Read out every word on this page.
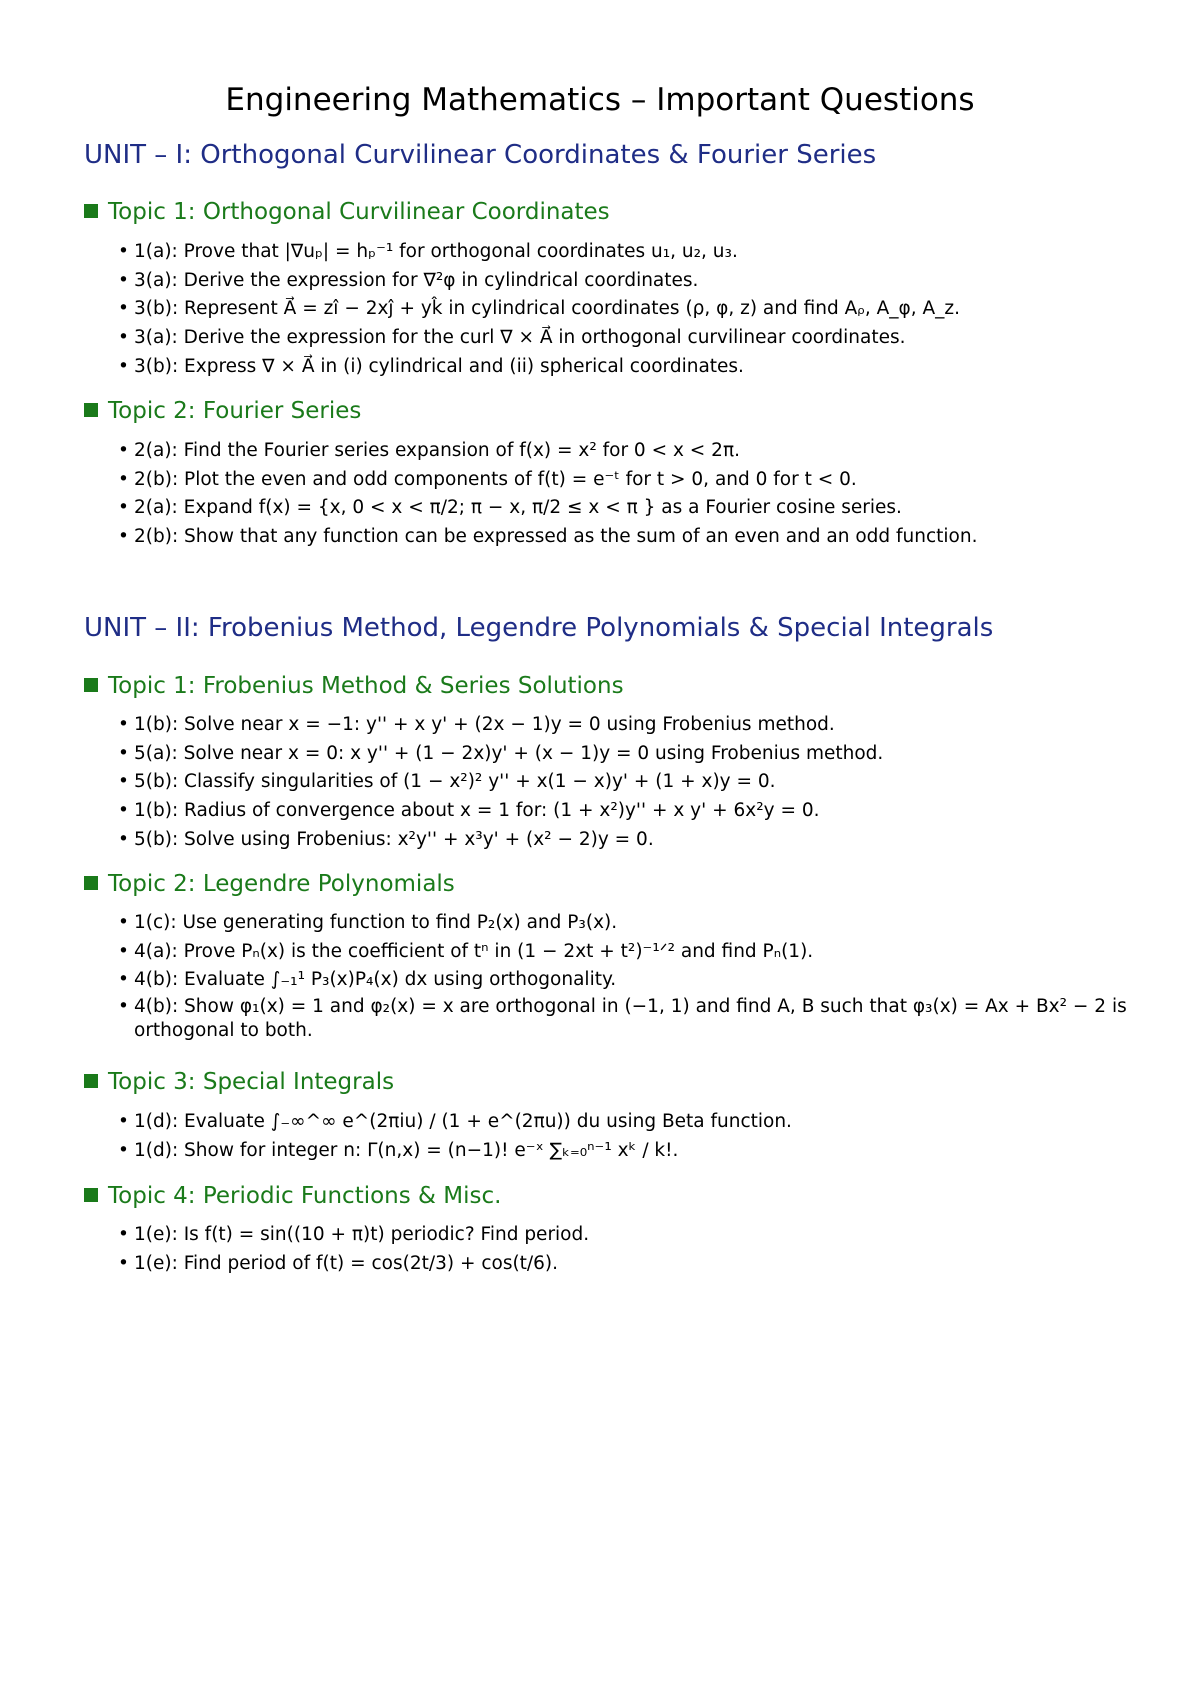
Engineering Mathematics – Important Questions
UNIT – I: Orthogonal Curvilinear Coordinates & Fourier Series
Topic 1: Orthogonal Curvilinear Coordinates
• 1(a): Prove that |∇uₚ| = hₚ⁻¹ for orthogonal coordinates u₁, u₂, u₃.
• 3(a): Derive the expression for ∇²φ in cylindrical coordinates.
• 3(b): Represent A⃗ = zî − 2xĵ + yk̂ in cylindrical coordinates (ρ, φ, z) and find Aᵨ, A_φ, A_z.
• 3(a): Derive the expression for the curl ∇ × A⃗ in orthogonal curvilinear coordinates.
• 3(b): Express ∇ × A⃗ in (i) cylindrical and (ii) spherical coordinates.
Topic 2: Fourier Series
• 2(a): Find the Fourier series expansion of f(x) = x² for 0 < x < 2π.
• 2(b): Plot the even and odd components of f(t) = e⁻ᵗ for t > 0, and 0 for t < 0.
• 2(a): Expand f(x) = {x, 0 < x < π/2; π − x, π/2 ≤ x < π } as a Fourier cosine series.
• 2(b): Show that any function can be expressed as the sum of an even and an odd function.
UNIT – II: Frobenius Method, Legendre Polynomials & Special Integrals
Topic 1: Frobenius Method & Series Solutions
• 1(b): Solve near x = −1: y'' + x y' + (2x − 1)y = 0 using Frobenius method.
• 5(a): Solve near x = 0: x y'' + (1 − 2x)y' + (x − 1)y = 0 using Frobenius method.
• 5(b): Classify singularities of (1 − x²)² y'' + x(1 − x)y' + (1 + x)y = 0.
• 1(b): Radius of convergence about x = 1 for: (1 + x²)y'' + x y' + 6x²y = 0.
• 5(b): Solve using Frobenius: x²y'' + x³y' + (x² − 2)y = 0.
Topic 2: Legendre Polynomials
• 1(c): Use generating function to find P₂(x) and P₃(x).
• 4(a): Prove Pₙ(x) is the coefficient of tⁿ in (1 − 2xt + t²)⁻¹ᐟ² and find Pₙ(1).
• 4(b): Evaluate ∫₋₁¹ P₃(x)P₄(x) dx using orthogonality.
• 4(b): Show φ₁(x) = 1 and φ₂(x) = x are orthogonal in (−1, 1) and find A, B such that φ₃(x) = Ax + Bx² − 2 is orthogonal to both.
Topic 3: Special Integrals
• 1(d): Evaluate ∫₋∞^∞ e^(2πiu) / (1 + e^(2πu)) du using Beta function.
• 1(d): Show for integer n: Γ(n,x) = (n−1)! e⁻ˣ ∑ₖ₌₀ⁿ⁻¹ xᵏ / k!.
Topic 4: Periodic Functions & Misc.
• 1(e): Is f(t) = sin((10 + π)t) periodic? Find period.
• 1(e): Find period of f(t) = cos(2t/3) + cos(t/6).
